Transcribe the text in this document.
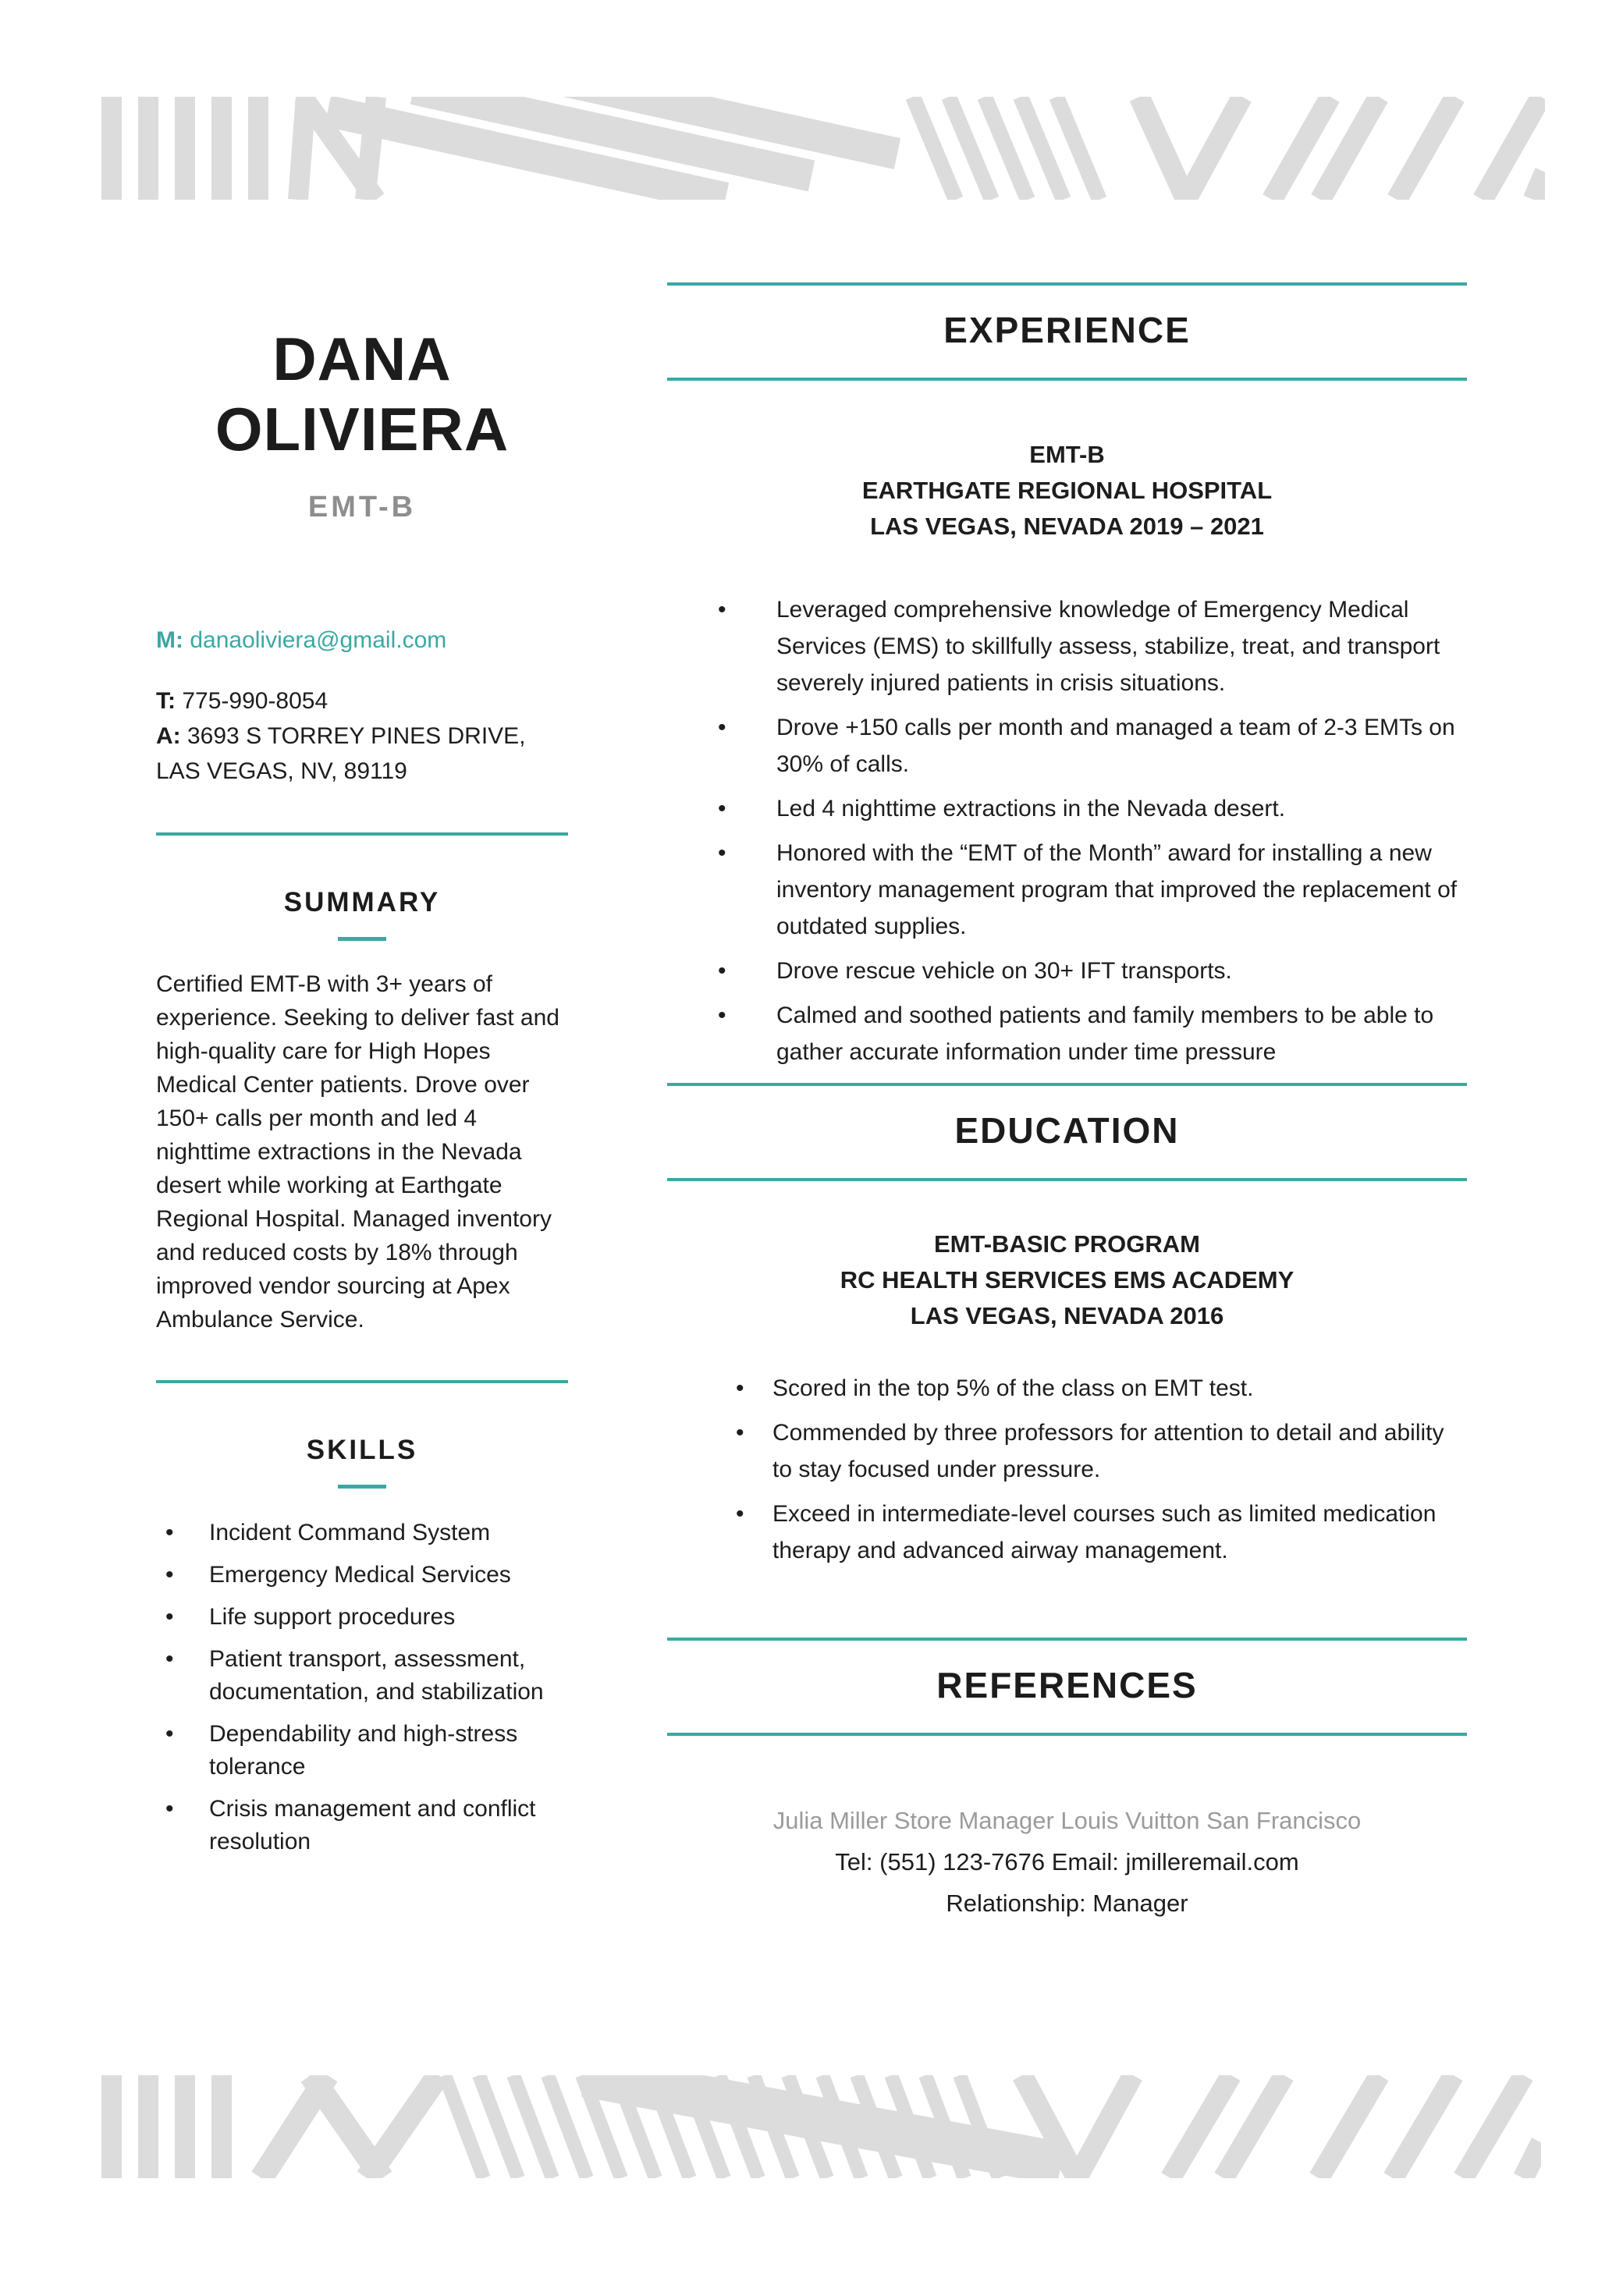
DANA OLIVIERA
EMT-B

M: danaoliviera@gmail.com

T: 775-990-8054

A: 3693 S TORREY PINES DRIVE,

LAS VEGAS, NV, 89119

SUMMARY

Certified EMT-B with 3+ years of experience. Seeking to deliver fast and high-quality care for High Hopes Medical Center patients. Drove over 150+ calls per month and led 4 nighttime extractions in the Nevada desert while working at Earthgate Regional Hospital. Managed inventory and reduced costs by 18% through improved vendor sourcing at Apex Ambulance Service.

SKILLS
• Incident Command System
• Emergency Medical Services
• Life support procedures
• Patient transport, assessment, documentation, and stabilization
• Dependability and high-stress tolerance
• Crisis management and conflict resolution
EXPERIENCE
EMT-B
EARTHGATE REGIONAL HOSPITAL
LAS VEGAS, NEVADA 2019 – 2021
• Leveraged comprehensive knowledge of Emergency Medical Services (EMS) to skillfully assess, stabilize, treat, and transport severely injured patients in crisis situations.
• Drove +150 calls per month and managed a team of 2-3 EMTs on 30% of calls.
• Led 4 nighttime extractions in the Nevada desert.
• Honored with the “EMT of the Month” award for installing a new inventory management program that improved the replacement of outdated supplies.
• Drove rescue vehicle on 30+ IFT transports.
• Calmed and soothed patients and family members to be able to gather accurate information under time pressure
EDUCATION
EMT-BASIC PROGRAM
RC HEALTH SERVICES EMS ACADEMY
LAS VEGAS, NEVADA 2016
• Scored in the top 5% of the class on EMT test.
• Commended by three professors for attention to detail and ability to stay focused under pressure.
• Exceed in intermediate-level courses such as limited medication therapy and advanced airway management.
REFERENCES
Julia Miller Store Manager Louis Vuitton San Francisco
Tel: (551) 123-7676 Email: jmilleremail.com
Relationship: Manager
